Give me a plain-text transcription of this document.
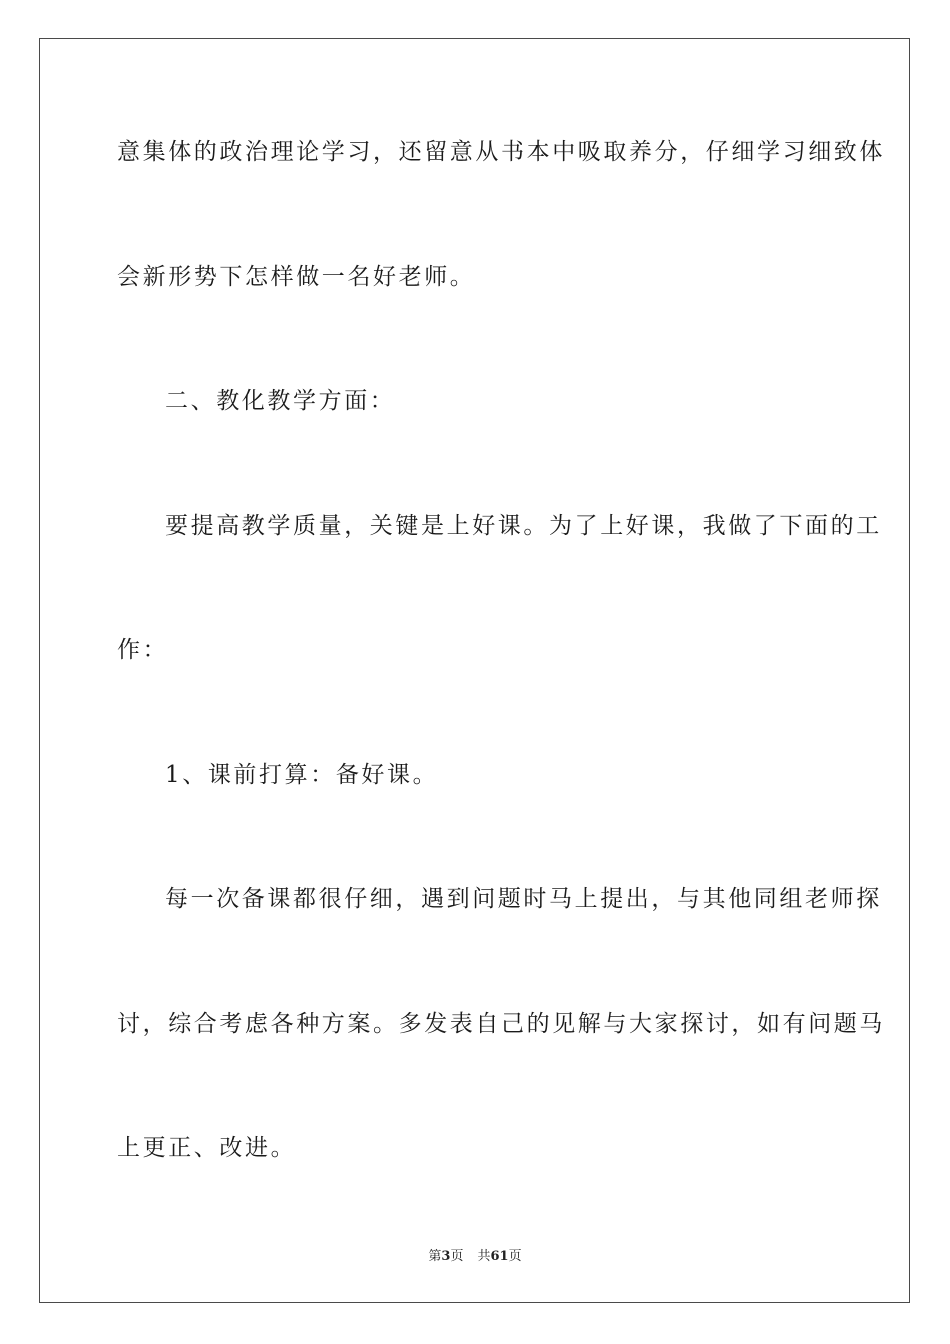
意集体的政治理论学习，还留意从书本中吸取养分，仔细学习细致体
会新形势下怎样做一名好老师。
二、教化教学方面：
要提高教学质量，关键是上好课。为了上好课，我做了下面的工
作：
1、课前打算：备好课。
每一次备课都很仔细，遇到问题时马上提出，与其他同组老师探
讨，综合考虑各种方案。多发表自己的见解与大家探讨，如有问题马
上更正、改进。
第3页 共61页
